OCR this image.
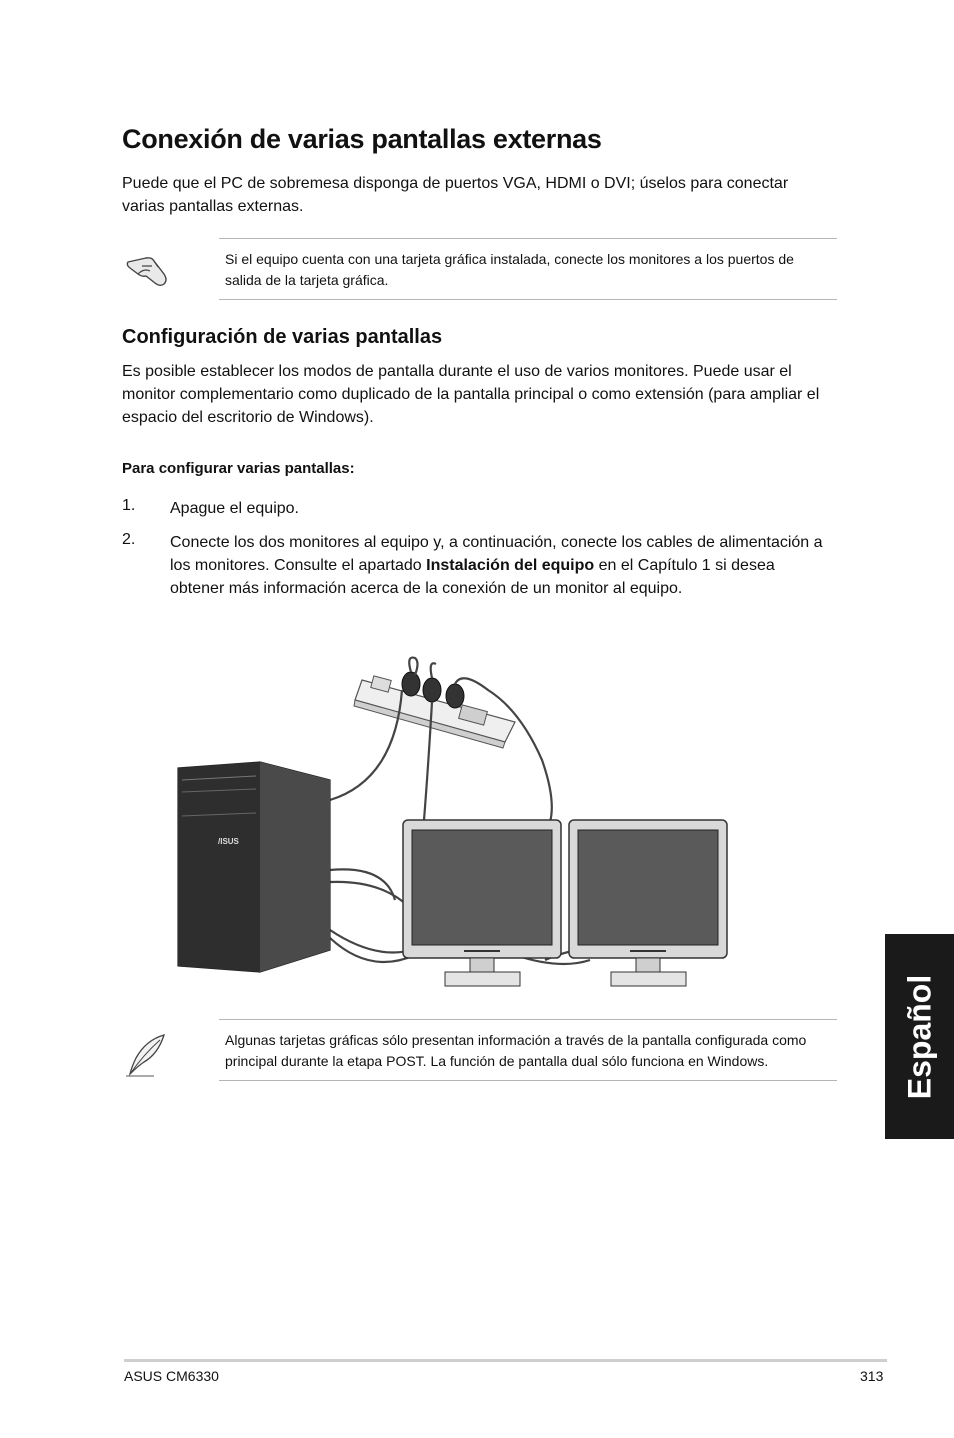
Conexión de varias pantallas externas
Puede que el PC de sobremesa disponga de puertos VGA, HDMI o DVI; úselos para conectar varias pantallas externas.
Si el equipo cuenta con una tarjeta gráfica instalada, conecte los monitores a los puertos de salida de la tarjeta gráfica.
Configuración de varias pantallas
Es posible establecer los modos de pantalla durante el uso de varios monitores. Puede usar el monitor complementario como duplicado de la pantalla principal o como extensión (para ampliar el espacio del escritorio de Windows).
Para configurar varias pantallas:
1. Apague el equipo.
2. Conecte los dos monitores al equipo y, a continuación, conecte los cables de alimentación a los monitores. Consulte el apartado Instalación del equipo en el Capítulo 1 si desea obtener más información acerca de la conexión de un monitor al equipo.
/ISUS
Algunas tarjetas gráficas sólo presentan información a través de la pantalla configurada como principal durante la etapa POST. La función de pantalla dual sólo funciona en Windows.	Español
ASUS CM6330	313
